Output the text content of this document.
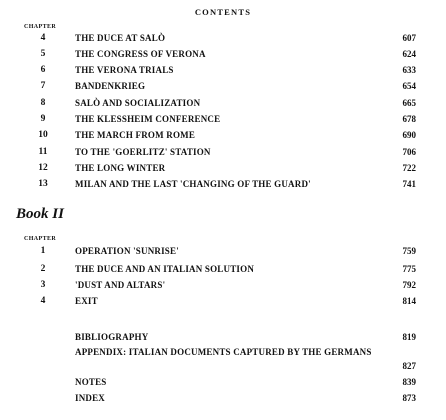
CONTENTS
CHAPTER
4	THE DUCE AT SALÒ	607
5	THE CONGRESS OF VERONA	624
6	THE VERONA TRIALS	633
7	BANDENKRIEG	654
8	SALÒ AND SOCIALIZATION	665
9	THE KLESSHEIM CONFERENCE	678
10	THE MARCH FROM ROME	690
11	TO THE 'GOERLITZ' STATION	706
12	THE LONG WINTER	722
13	MILAN AND THE LAST 'CHANGING OF THE GUARD'	741
Book II
CHAPTER
1	OPERATION 'SUNRISE'	759
2	THE DUCE AND AN ITALIAN SOLUTION	775
3	'DUST AND ALTARS'	792
4	EXIT	814
BIBLIOGRAPHY	819
APPENDIX: ITALIAN DOCUMENTS CAPTURED BY THE GERMANS
827
NOTES	839
INDEX	873
